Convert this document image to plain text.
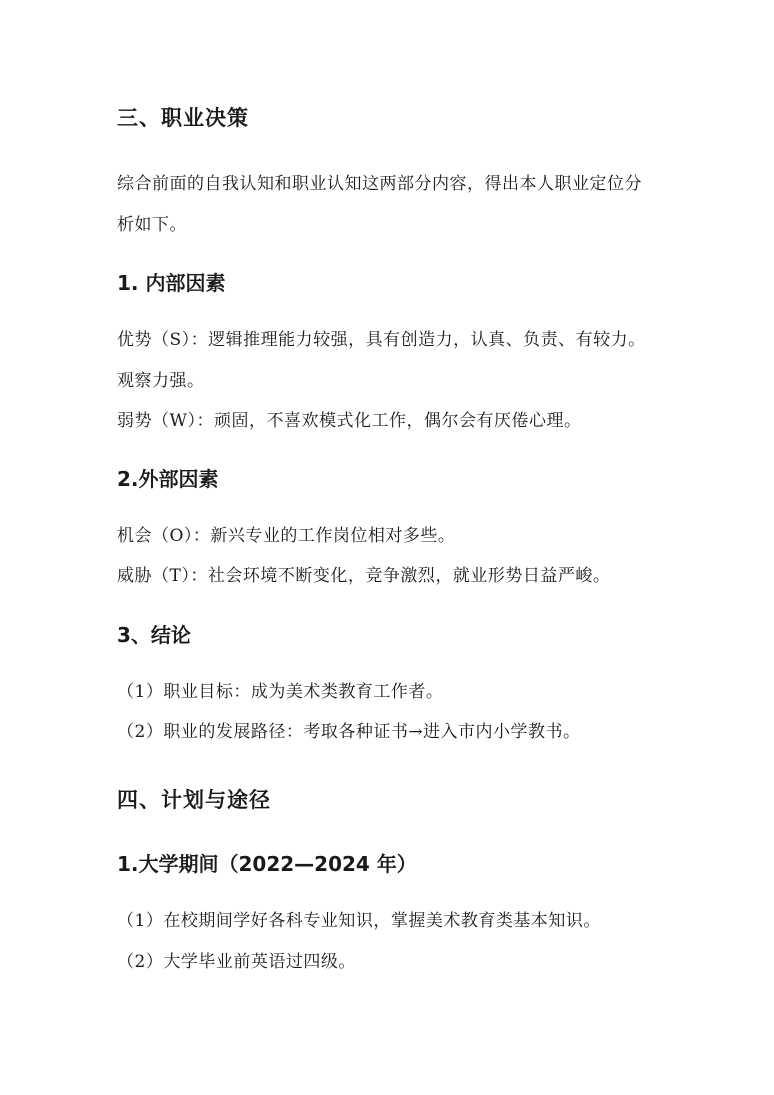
三、职业决策
综合前面的自我认知和职业认知这两部分内容，得出本人职业定位分
析如下。
1. 内部因素
优势（S）：逻辑推理能力较强，具有创造力，认真、负责、有较力。
观察力强。
弱势（W）：顽固，不喜欢模式化工作，偶尔会有厌倦心理。
2.外部因素
机会（O）：新兴专业的工作岗位相对多些。
威胁（T）：社会环境不断变化，竞争激烈，就业形势日益严峻。
3、结论
（1）职业目标：成为美术类教育工作者。
（2）职业的发展路径：考取各种证书→进入市内小学教书。
四、计划与途径
1.大学期间（2022—2024 年）
（1）在校期间学好各科专业知识，掌握美术教育类基本知识。
（2）大学毕业前英语过四级。
